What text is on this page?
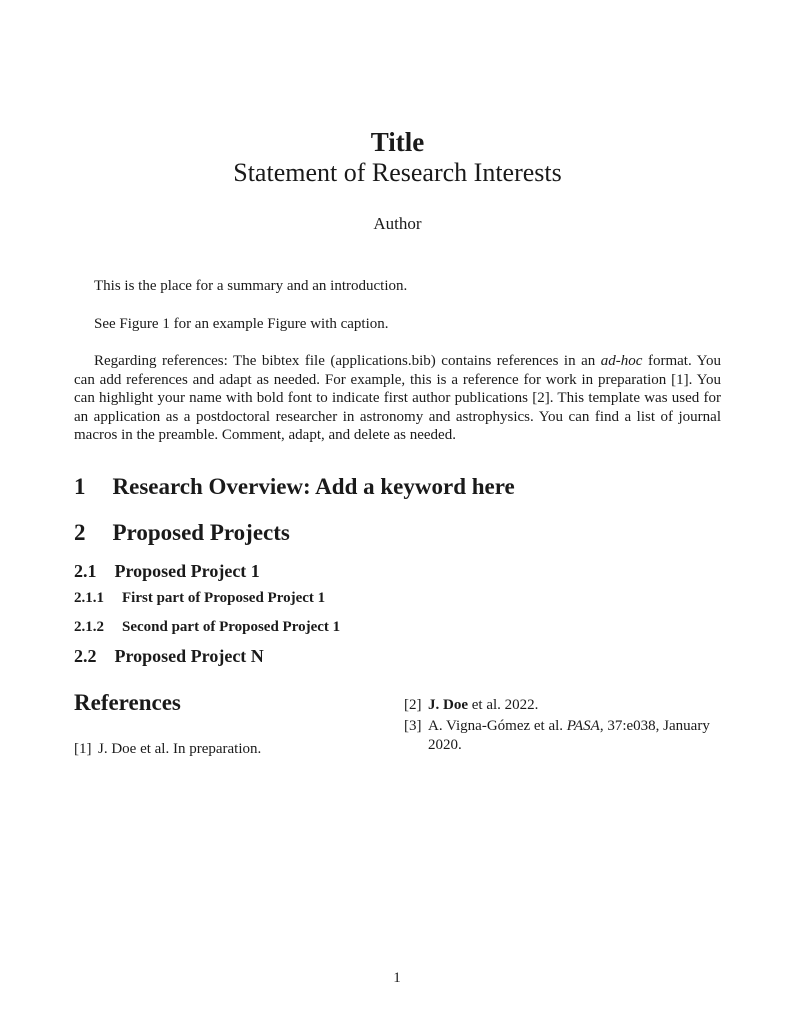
Title
Statement of Research Interests
Author

This is the place for a summary and an introduction.

See Figure 1 for an example Figure with caption.

Regarding references: The bibtex file (applications.bib) contains references in an ad-hoc format. You can add references and adapt as needed. For example, this is a reference for work in preparation [1]. You can highlight your name with bold font to indicate first author publications [2]. This template was used for an application as a postdoctoral researcher in astronomy and astrophysics. You can find a list of journal macros in the preamble. Comment, adapt, and delete as needed.

1 Research Overview: Add a keyword here
2 Proposed Projects
2.1 Proposed Project 1
2.1.1 First part of Proposed Project 1
2.1.2 Second part of Proposed Project 1
2.2 Proposed Project N
References
[1] J. Doe et al. In preparation.
[2] J. Doe et al. 2022.
[3] A. Vigna-Gómez et al. PASA, 37:e038, January 2020.
1
